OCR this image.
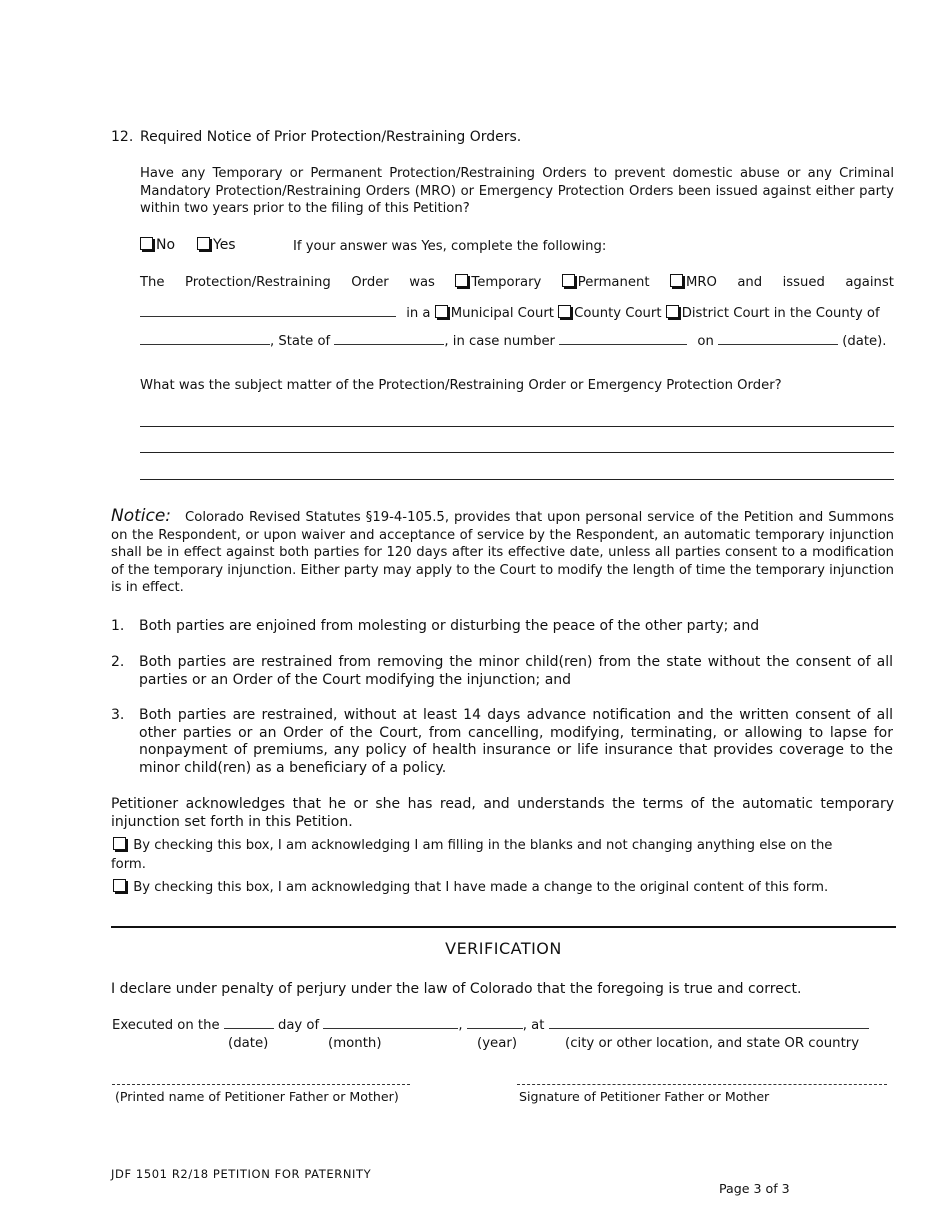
12. Required Notice of Prior Protection/Restraining Orders.
Have any Temporary or Permanent Protection/Restraining Orders to prevent domestic abuse or any Criminal Mandatory Protection/Restraining Orders (MRO) or Emergency Protection Orders been issued against either party within two years prior to the filing of this Petition?
No	Yes	If your answer was Yes, complete the following:
The Protection/Restraining Order was	Temporary	Permanent	MRO and issued against
in a Municipal Court County Court District Court in the County of
, State of	, in case number	on	(date).
What was the subject matter of the Protection/Restraining Order or Emergency Protection Order?
Notice: Colorado Revised Statutes §19-4-105.5, provides that upon personal service of the Petition and Summons on the Respondent, or upon waiver and acceptance of service by the Respondent, an automatic temporary injunction shall be in effect against both parties for 120 days after its effective date, unless all parties consent to a modification of the temporary injunction. Either party may apply to the Court to modify the length of time the temporary injunction is in effect.
1. Both parties are enjoined from molesting or disturbing the peace of the other party; and
2. Both parties are restrained from removing the minor child(ren) from the state without the consent of all parties or an Order of the Court modifying the injunction; and
3. Both parties are restrained, without at least 14 days advance notification and the written consent of all other parties or an Order of the Court, from cancelling, modifying, terminating, or allowing to lapse for nonpayment of premiums, any policy of health insurance or life insurance that provides coverage to the minor child(ren) as a beneficiary of a policy.
Petitioner acknowledges that he or she has read, and understands the terms of the automatic temporary injunction set forth in this Petition.
By checking this box, I am acknowledging I am filling in the blanks and not changing anything else on the
form.
By checking this box, I am acknowledging that I have made a change to the original content of this form.
VERIFICATION
I declare under penalty of perjury under the law of Colorado that the foregoing is true and correct.
Executed on the	day of	,	, at
(date)	(month)	(year)	(city or other location, and state OR country
(Printed name of Petitioner Father or Mother)	Signature of Petitioner Father or Mother
JDF 1501 R2/18 PETITION FOR PATERNITY
Page 3 of 3
